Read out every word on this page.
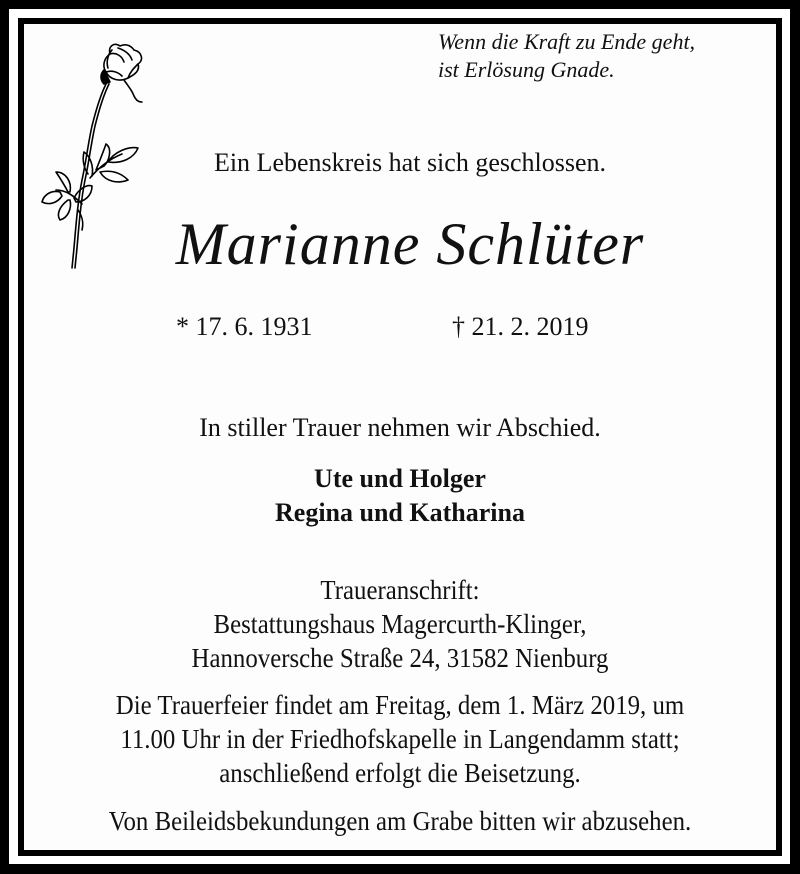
Wenn die Kraft zu Ende geht,
ist Erlösung Gnade.
Ein Lebenskreis hat sich geschlossen.
Marianne Schlüter
* 17. 6. 1931	† 21. 2. 2019
In stiller Trauer nehmen wir Abschied.
Ute und Holger
Regina und Katharina
Traueranschrift:
Bestattungshaus Magercurth-Klinger,
Hannoversche Straße 24, 31582 Nienburg
Die Trauerfeier findet am Freitag, dem 1. März 2019, um
11.00 Uhr in der Friedhofskapelle in Langendamm statt;
anschließend erfolgt die Beisetzung.
Von Beileidsbekundungen am Grabe bitten wir abzusehen.
